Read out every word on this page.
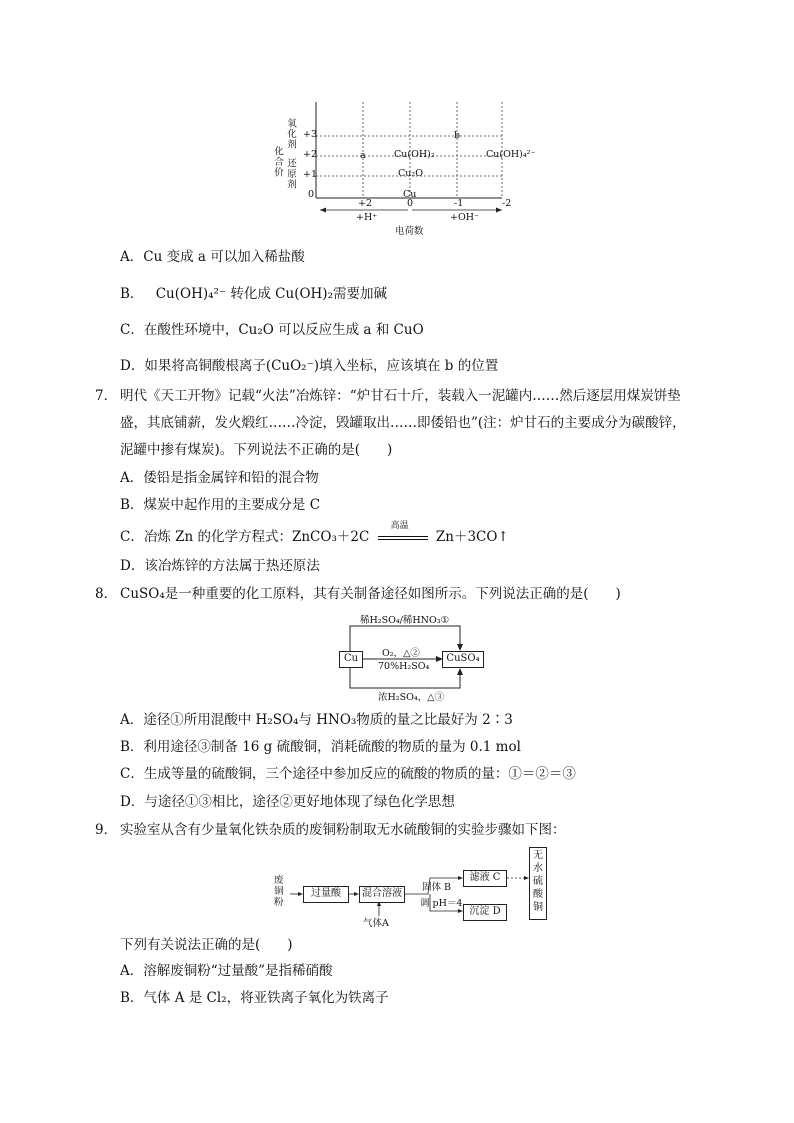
化合价
氧化剂
还原剂
+3
+2
+1
0
+2	0	-1	-2
+H⁺	+OH⁻
电荷数
a
b
Cu
Cu₂O
Cu(OH)₂	Cu(OH)₄²⁻
A．Cu 变成 a 可以加入稀盐酸
B． Cu(OH)₄²⁻ 转化成 Cu(OH)₂需要加碱
C．在酸性环境中，Cu₂O 可以反应生成 a 和 CuO
D．如果将高铜酸根离子(CuO₂⁻)填入坐标，应该填在 b 的位置
7． 明代《天工开物》记载“火法”冶炼锌：“炉甘石十斤，装载入一泥罐内……然后逐层用煤炭饼垫
盛，其底铺薪，发火煅红……冷淀，毁罐取出……即倭铅也”(注：炉甘石的主要成分为碳酸锌，
泥罐中掺有煤炭)。下列说法不正确的是(　　)
A．倭铅是指金属锌和铅的混合物
B．煤炭中起作用的主要成分是 C
C．冶炼 Zn 的化学方程式：ZnCO₃＋2C
高温
Zn＋3CO↑
D．该冶炼锌的方法属于热还原法
8． CuSO₄是一种重要的化工原料，其有关制备途径如图所示。下列说法正确的是(　　)
Cu	CuSO₄
稀H₂SO₄/稀HNO₃①
O₂，△②
70%H₂SO₄
浓H₂SO₄，△③
A．途径①所用混酸中 H₂SO₄与 HNO₃物质的量之比最好为 2∶3
B．利用途径③制备 16 g 硫酸铜，消耗硫酸的物质的量为 0.1 mol
C．生成等量的硫酸铜，三个途径中参加反应的硫酸的物质的量：①＝②＝③
D．与途径①③相比，途径②更好地体现了绿色化学思想
9． 实验室从含有少量氧化铁杂质的废铜粉制取无水硫酸铜的实验步骤如下图：
废铜粉
过量酸	混合溶液
气体A
固体 B
调 pH＝4
滤液 C
沉淀 D
无水硫酸铜
下列有关说法正确的是(　　)
A．溶解废铜粉“过量酸”是指稀硝酸
B．气体 A 是 Cl₂，将亚铁离子氧化为铁离子
